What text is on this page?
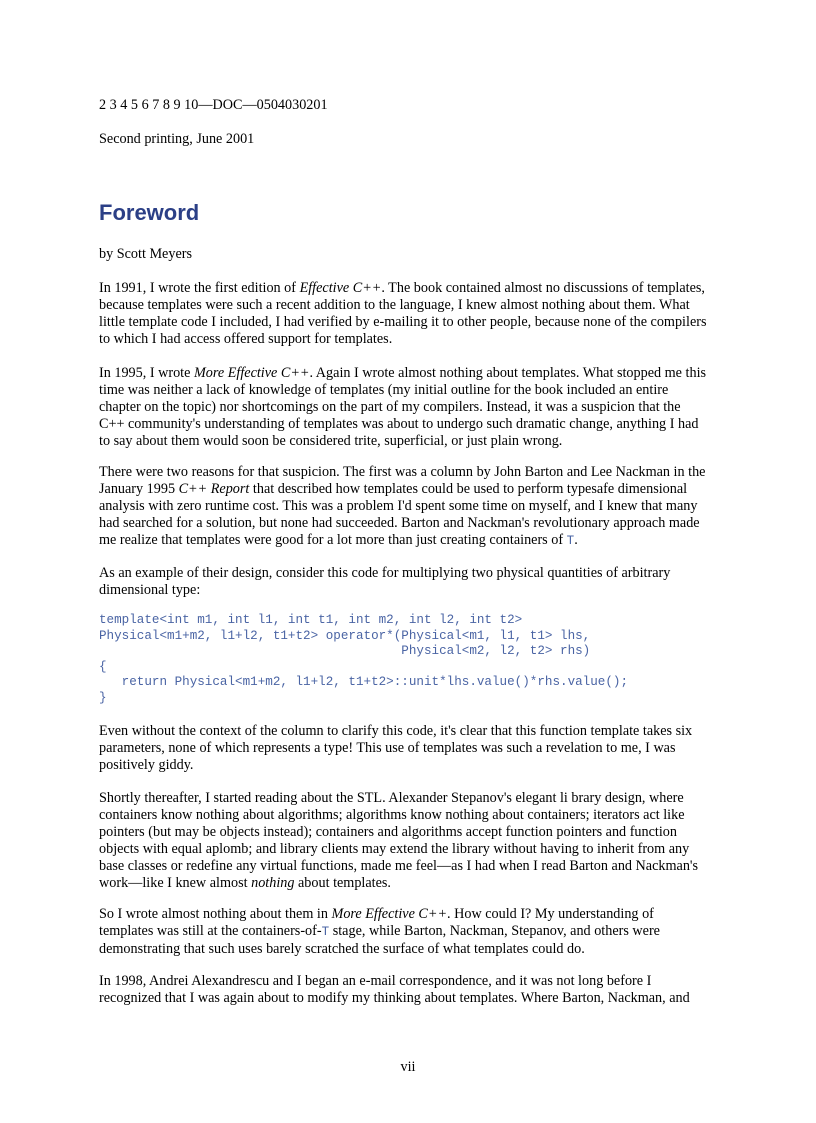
2 3 4 5 6 7 8 9 10—DOC—0504030201
Second printing, June 2001
Foreword
by Scott Meyers
In 1991, I wrote the first edition of Effective C++. The book contained almost no discussions of templates,
because templates were such a recent addition to the language, I knew almost nothing about them. What
little template code I included, I had verified by e-mailing it to other people, because none of the compilers
to which I had access offered support for templates.
In 1995, I wrote More Effective C++. Again I wrote almost nothing about templates. What stopped me this
time was neither a lack of knowledge of templates (my initial outline for the book included an entire
chapter on the topic) nor shortcomings on the part of my compilers. Instead, it was a suspicion that the
C++ community's understanding of templates was about to undergo such dramatic change, anything I had
to say about them would soon be considered trite, superficial, or just plain wrong.
There were two reasons for that suspicion. The first was a column by John Barton and Lee Nackman in the
January 1995 C++ Report that described how templates could be used to perform typesafe dimensional
analysis with zero runtime cost. This was a problem I'd spent some time on myself, and I knew that many
had searched for a solution, but none had succeeded. Barton and Nackman's revolutionary approach made
me realize that templates were good for a lot more than just creating containers of T.
As an example of their design, consider this code for multiplying two physical quantities of arbitrary
dimensional type:
template<int m1, int l1, int t1, int m2, int l2, int t2>
Physical<m1+m2, l1+l2, t1+t2> operator*(Physical<m1, l1, t1> lhs,
Physical<m2, l2, t2> rhs)
{
return Physical<m1+m2, l1+l2, t1+t2>::unit*lhs.value()*rhs.value();
}
Even without the context of the column to clarify this code, it's clear that this function template takes six
parameters, none of which represents a type! This use of templates was such a revelation to me, I was
positively giddy.
Shortly thereafter, I started reading about the STL. Alexander Stepanov's elegant li brary design, where
containers know nothing about algorithms; algorithms know nothing about containers; iterators act like
pointers (but may be objects instead); containers and algorithms accept function pointers and function
objects with equal aplomb; and library clients may extend the library without having to inherit from any
base classes or redefine any virtual functions, made me feel—as I had when I read Barton and Nackman's
work—like I knew almost nothing about templates.
So I wrote almost nothing about them in More Effective C++. How could I? My understanding of
templates was still at the containers-of-T stage, while Barton, Nackman, Stepanov, and others were
demonstrating that such uses barely scratched the surface of what templates could do.
In 1998, Andrei Alexandrescu and I began an e-mail correspondence, and it was not long before I
recognized that I was again about to modify my thinking about templates. Where Barton, Nackman, and
vii
